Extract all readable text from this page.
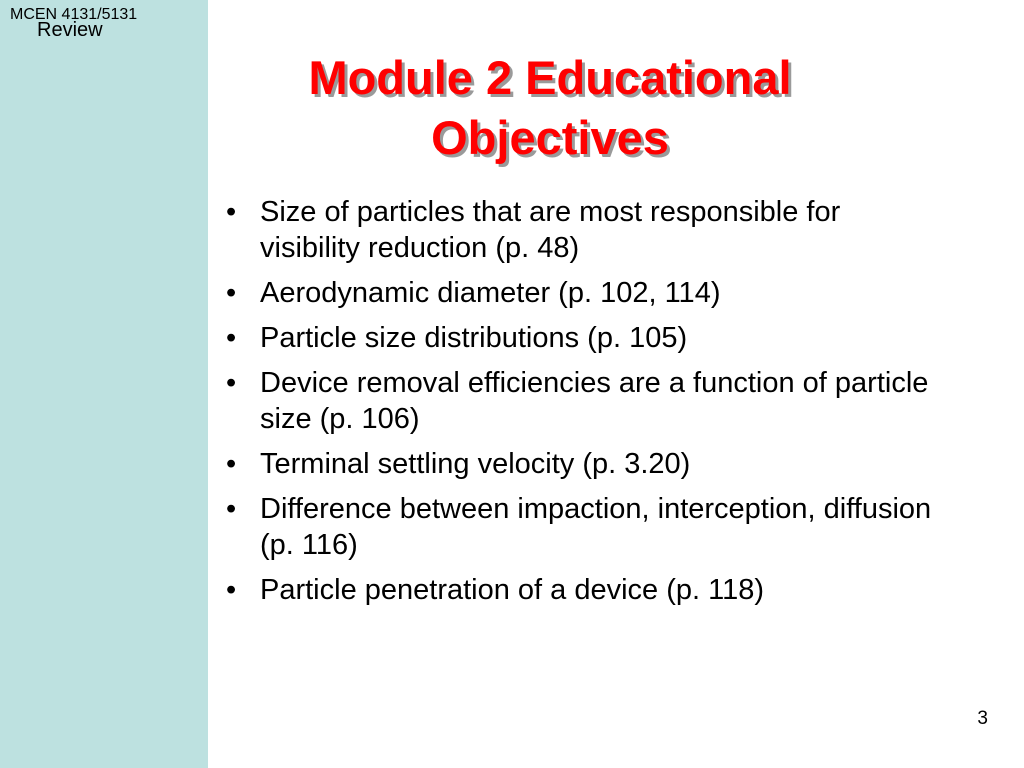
MCEN 4131/5131
Review
Module 2 Educational
Objectives
• Size of particles that are most responsible for visibility reduction (p. 48)
• Aerodynamic diameter (p. 102, 114)
• Particle size distributions (p. 105)
• Device removal efficiencies are a function of particle size (p. 106)
• Terminal settling velocity (p. 3.20)
• Difference between impaction, interception, diffusion (p. 116)
• Particle penetration of a device (p. 118)
3
